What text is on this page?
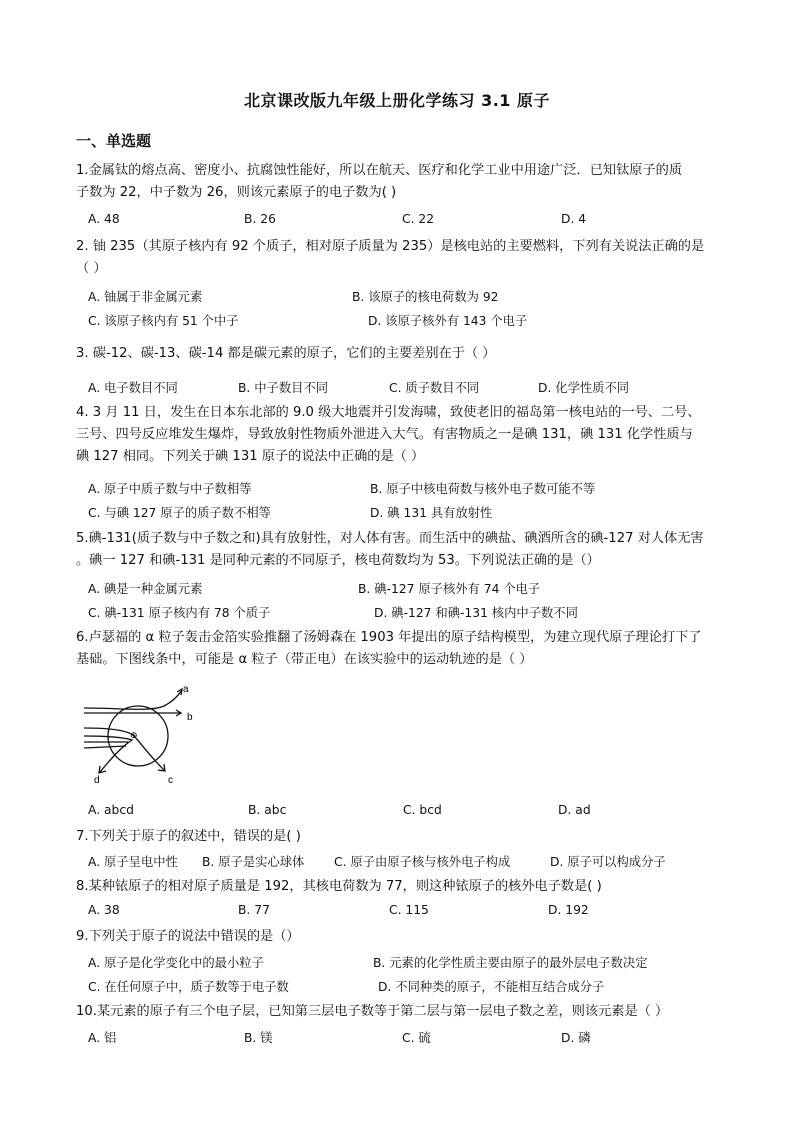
北京课改版九年级上册化学练习 3.1 原子
一、单选题
1.金属钛的熔点高、密度小、抗腐蚀性能好，所以在航天、医疗和化学工业中用途广泛．已知钛原子的质
子数为 22，中子数为 26，则该元素原子的电子数为( )
A. 48	B. 26	C. 22	D. 4
2. 铀 235（其原子核内有 92 个质子，相对原子质量为 235）是核电站的主要燃料，下列有关说法正确的是
（ ）
A. 铀属于非金属元素	B. 该原子的核电荷数为 92
C. 该原子核内有 51 个中子	D. 该原子核外有 143 个电子
3. 碳-12、碳-13、碳-14 都是碳元素的原子，它们的主要差别在于（ ）
A. 电子数目不同	B. 中子数目不同	C. 质子数目不同	D. 化学性质不同
4. 3 月 11 日，发生在日本东北部的 9.0 级大地震并引发海啸，致使老旧的福岛第一核电站的一号、二号、
三号、四号反应堆发生爆炸，导致放射性物质外泄进入大气。有害物质之一是碘 131，碘 131 化学性质与
碘 127 相同。下列关于碘 131 原子的说法中正确的是（ ）
A. 原子中质子数与中子数相等	B. 原子中核电荷数与核外电子数可能不等
C. 与碘 127 原子的质子数不相等	D. 碘 131 具有放射性
5.碘-131(质子数与中子数之和)具有放射性，对人体有害。而生活中的碘盐、碘酒所含的碘-127 对人体无害
。碘一 127 和碘-131 是同种元素的不同原子，核电荷数均为 53。下列说法正确的是（）
A. 碘是一种金属元素	B. 碘-127 原子核外有 74 个电子
C. 碘-131 原子核内有 78 个质子	D. 碘-127 和碘-131 核内中子数不同
6.卢瑟福的 α 粒子轰击金箔实验推翻了汤姆森在 1903 年提出的原子结构模型，为建立现代原子理论打下了
基础。下图线条中，可能是 α 粒子（带正电）在该实验中的运动轨迹的是（ ）
a
b
c
d
⊕
A. abcd	B. abc	C. bcd	D. ad
7.下列关于原子的叙述中，错误的是( )
A. 原子呈电中性 B. 原子是实心球体 C. 原子由原子核与核外电子构成	D. 原子可以构成分子
8.某种铱原子的相对原子质量是 192，其核电荷数为 77，则这种铱原子的核外电子数是( )
A. 38	B. 77	C. 115	D. 192
9.下列关于原子的说法中错误的是（）
A. 原子是化学变化中的最小粒子	B. 元素的化学性质主要由原子的最外层电子数决定
C. 在任何原子中，质子数等于电子数	D. 不同种类的原子，不能相互结合成分子
10.某元素的原子有三个电子层，已知第三层电子数等于第二层与第一层电子数之差，则该元素是（ ）
A. 铝	B. 镁	C. 硫	D. 磷
